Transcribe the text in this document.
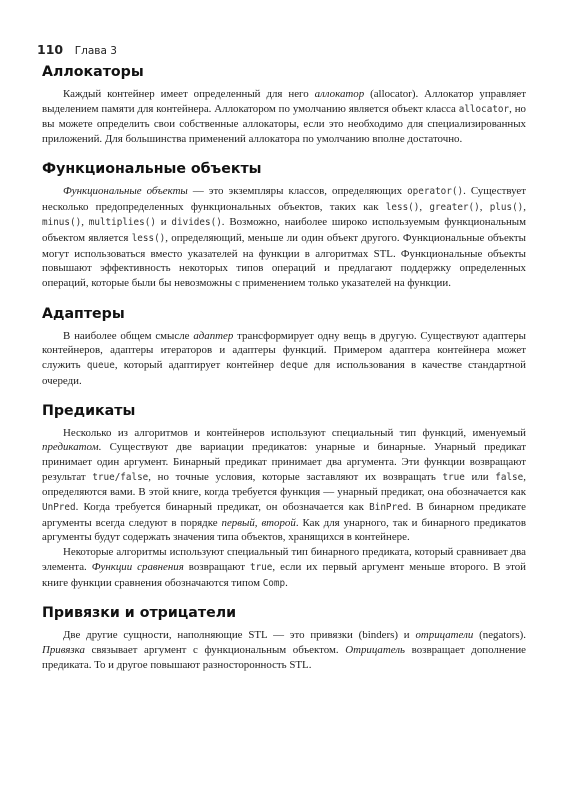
110 Глава 3
Аллокаторы

Каждый контейнер имеет определенный для него аллокатор (allocator). Аллокатор управляет выделением памяти для контейнера. Аллокатором по умолчанию является объект класса allocator, но вы можете определить свои собственные аллокаторы, если это необходимо для специализированных приложений. Для большинства применений аллокатора по умолчанию вполне достаточно.

Функциональные объекты

Функциональные объекты — это экземпляры классов, определяющих operator(). Существует несколько предопределенных функциональных объектов, таких как less(), greater(), plus(), minus(), multiplies() и divides(). Возможно, наиболее широко используемым функциональным объектом является less(), определяющий, меньше ли один объект другого. Функциональные объекты могут использоваться вместо указателей на функции в алгоритмах STL. Функциональные объекты повышают эффективность некоторых типов операций и предлагают поддержку определенных операций, которые были бы невозможны с применением только указателей на функции.

Адаптеры

В наиболее общем смысле адаптер трансформирует одну вещь в другую. Существуют адаптеры контейнеров, адаптеры итераторов и адаптеры функций. Примером адаптера контейнера может служить queue, который адаптирует контейнер deque для использования в качестве стандартной очереди.

Предикаты

Несколько из алгоритмов и контейнеров используют специальный тип функций, именуемый предикатом. Существуют две вариации предикатов: унарные и бинарные. Унарный предикат принимает один аргумент. Бинарный предикат принимает два аргумента. Эти функции возвращают результат true/false, но точные условия, которые заставляют их возвращать true или false, определяются вами. В этой книге, когда требуется функция — унарный предикат, она обозначается как UnPred. Когда требуется бинарный предикат, он обозначается как BinPred. В бинарном предикате аргументы всегда следуют в порядке первый, второй. Как для унарного, так и бинарного предикатов аргументы будут содержать значения типа объектов, хранящихся в контейнере.

Некоторые алгоритмы используют специальный тип бинарного предиката, который сравнивает два элемента. Функции сравнения возвращают true, если их первый аргумент меньше второго. В этой книге функции сравнения обозначаются типом Comp.

Привязки и отрицатели

Две другие сущности, наполняющие STL — это привязки (binders) и отрицатели (negators). Привязка связывает аргумент с функциональным объектом. Отрицатель возвращает дополнение предиката. То и другое повышают разносторонность STL.
